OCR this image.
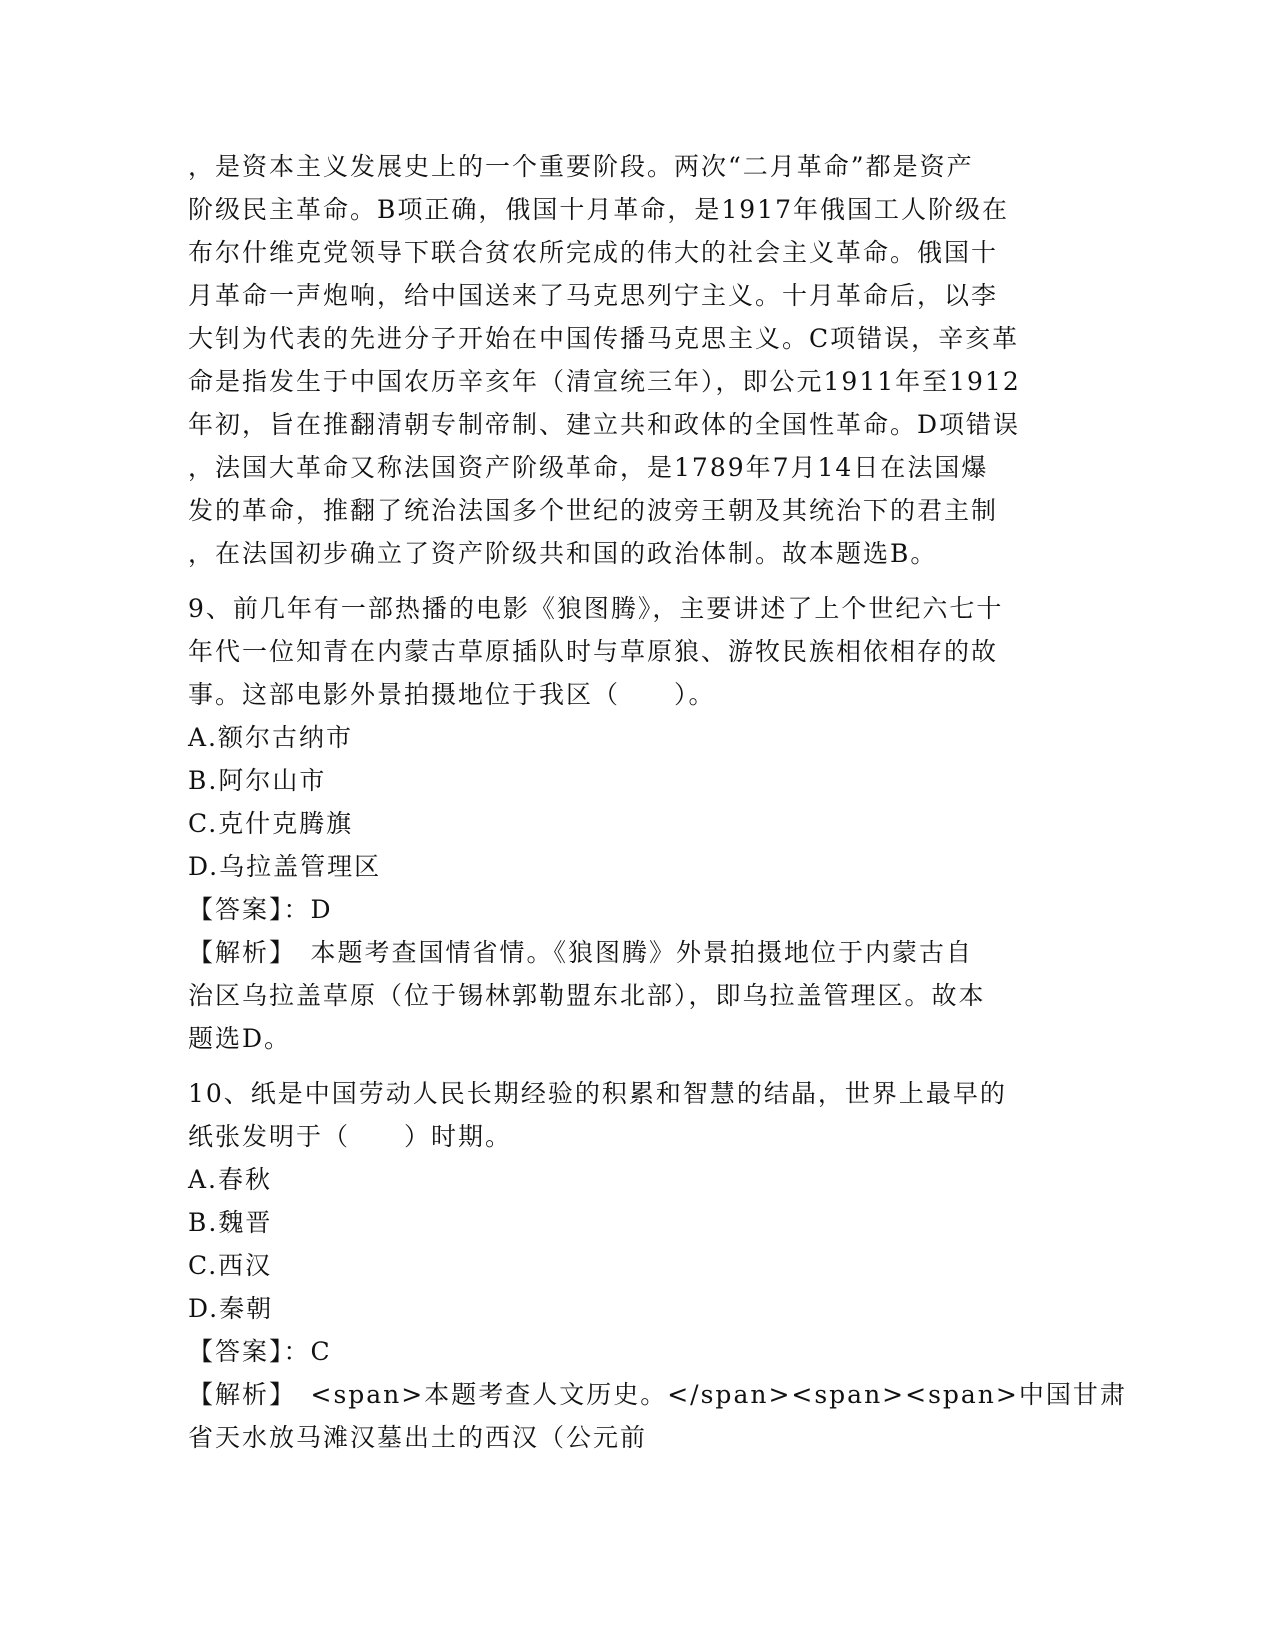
，是资本主义发展史上的一个重要阶段。两次“二月革命”都是资产
阶级民主革命。B项正确，俄国十月革命，是1917年俄国工人阶级在
布尔什维克党领导下联合贫农所完成的伟大的社会主义革命。俄国十
月革命一声炮响，给中国送来了马克思列宁主义。十月革命后，以李
大钊为代表的先进分子开始在中国传播马克思主义。C项错误，辛亥革
命是指发生于中国农历辛亥年（清宣统三年），即公元1911年至1912
年初，旨在推翻清朝专制帝制、建立共和政体的全国性革命。D项错误
，法国大革命又称法国资产阶级革命，是1789年7月14日在法国爆
发的革命，推翻了统治法国多个世纪的波旁王朝及其统治下的君主制
，在法国初步确立了资产阶级共和国的政治体制。故本题选B。
9、前几年有一部热播的电影《狼图腾》，主要讲述了上个世纪六七十
年代一位知青在内蒙古草原插队时与草原狼、游牧民族相依相存的故
事。这部电影外景拍摄地位于我区（　　）。
A.额尔古纳市
B.阿尔山市
C.克什克腾旗
D.乌拉盖管理区
【答案】：D
【解析】　本题考查国情省情。《狼图腾》外景拍摄地位于内蒙古自
治区乌拉盖草原（位于锡林郭勒盟东北部），即乌拉盖管理区。故本
题选D。
10、纸是中国劳动人民长期经验的积累和智慧的结晶，世界上最早的
纸张发明于（　　）时期。
A.春秋
B.魏晋
C.西汉
D.秦朝
【答案】：C
【解析】　<span>本题考查人文历史。</span><span><span>中国甘肃
省天水放马滩汉墓出土的西汉（公元前
